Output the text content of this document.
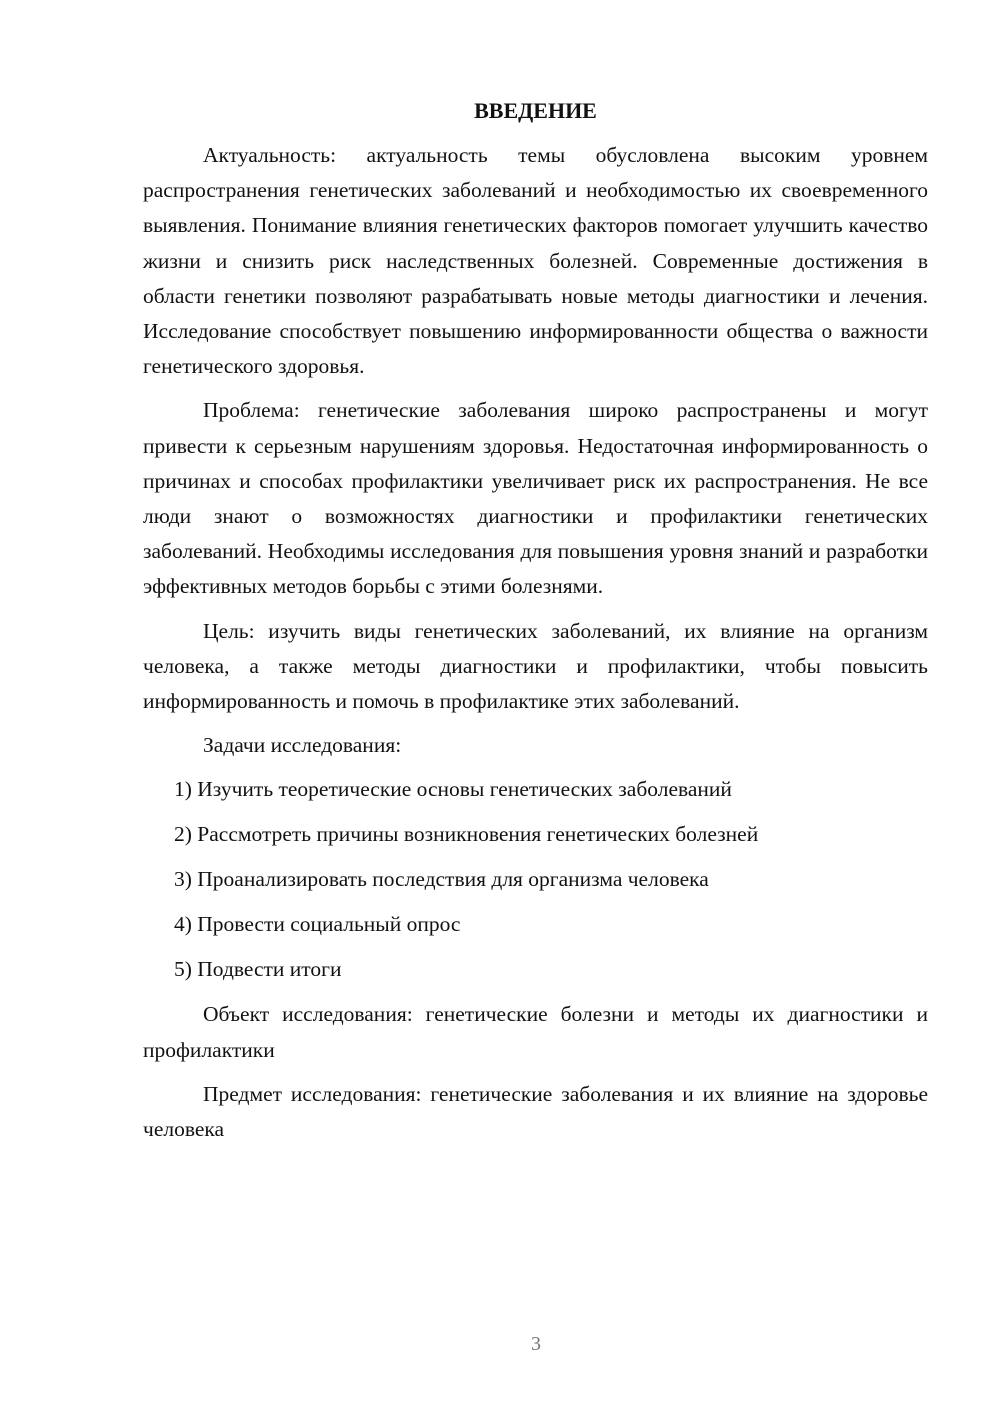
ВВЕДЕНИЕ

Актуальность: актуальность темы обусловлена высоким уровнем распространения генетических заболеваний и необходимостью их своевременного выявления. Понимание влияния генетических факторов помогает улучшить качество жизни и снизить риск наследственных болезней. Современные достижения в области генетики позволяют разрабатывать новые методы диагностики и лечения. Исследование способствует повышению информированности общества о важности генетического здоровья.

Проблема: генетические заболевания широко распространены и могут привести к серьезным нарушениям здоровья. Недостаточная информированность о причинах и способах профилактики увеличивает риск их распространения. Не все люди знают о возможностях диагностики и профилактики генетических заболеваний. Необходимы исследования для повышения уровня знаний и разработки эффективных методов борьбы с этими болезнями.

Цель: изучить виды генетических заболеваний, их влияние на организм человека, а также методы диагностики и профилактики, чтобы повысить информированность и помочь в профилактике этих заболеваний.

Задачи исследования:

1) Изучить теоретические основы генетических заболеваний
2) Рассмотреть причины возникновения генетических болезней
3) Проанализировать последствия для организма человека
4) Провести социальный опрос
5) Подвести итоги

Объект исследования: генетические болезни и методы их диагностики и профилактики

Предмет исследования: генетические заболевания и их влияние на здоровье человека

3
